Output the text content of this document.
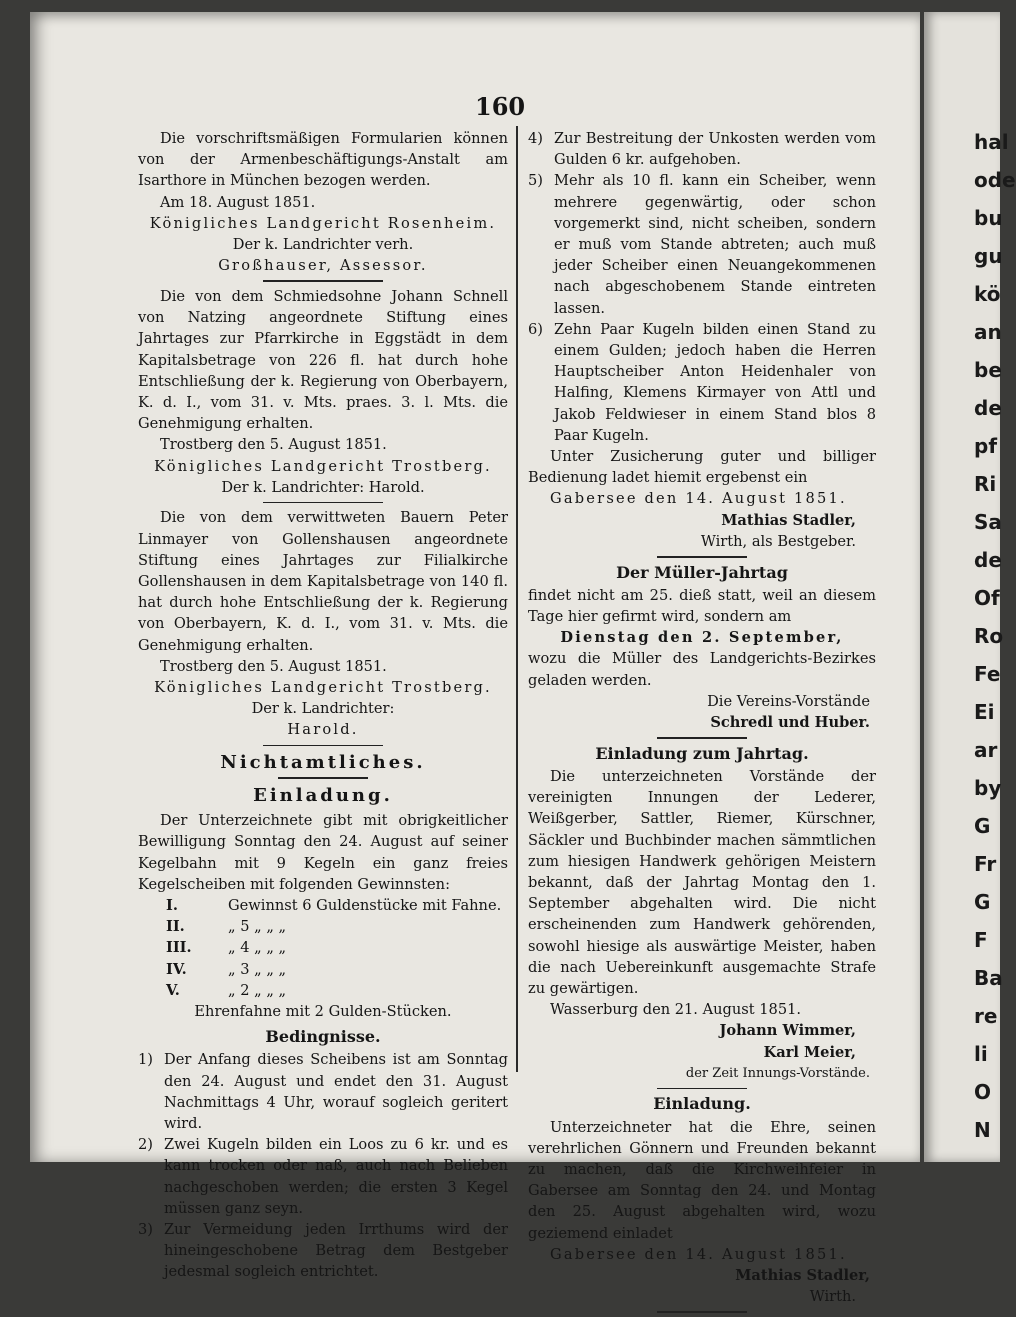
hal
ode
bu
gu
kö
an
be
de
pf
Ri
Sa
de
Of
Ro
Fe
Ei
ar
by
G
Fr
G
F
Ba
re
li
O
N
160

Die vorschriftsmäßigen Formularien können von der Armenbeschäftigungs-Anstalt am Isarthore in München bezogen werden.

Am 18. August 1851.

Königliches Landgericht Rosenheim.

Der k. Landrichter verh.

Großhauser, Assessor.

Die von dem Schmiedsohne Johann Schnell von Natzing angeordnete Stiftung eines Jahrtages zur Pfarrkirche in Eggstädt in dem Kapitalsbetrage von 226 fl. hat durch hohe Entschließung der k. Regierung von Oberbayern, K. d. I., vom 31. v. Mts. praes. 3. l. Mts. die Genehmigung erhalten.

Trostberg den 5. August 1851.

Königliches Landgericht Trostberg.

Der k. Landrichter: Harold.

Die von dem verwittweten Bauern Peter Linmayer von Gollenshausen angeordnete Stiftung eines Jahrtages zur Filialkirche Gollenshausen in dem Kapitalsbetrage von 140 fl. hat durch hohe Entschließung der k. Regierung von Oberbayern, K. d. I., vom 31. v. Mts. die Genehmigung erhalten.

Trostberg den 5. August 1851.

Königliches Landgericht Trostberg.

Der k. Landrichter:

Harold.

Nichtamtliches.
Einladung.

Der Unterzeichnete gibt mit obrigkeitlicher Bewilligung Sonntag den 24. August auf seiner Kegelbahn mit 9 Kegeln ein ganz freies Kegelscheiben mit folgenden Gewinnsten:

I.	Gewinnst 6 Guldenstücke mit Fahne.
II.	„ 5 „ „ „
III.	„ 4 „ „ „
IV.	„ 3 „ „ „
V.	„ 2 „ „ „

Ehrenfahne mit 2 Gulden-Stücken.

Bedingnisse.
1) Der Anfang dieses Scheibens ist am Sonntag den 24. August und endet den 31. August Nachmittags 4 Uhr, worauf sogleich geritert wird.
2) Zwei Kugeln bilden ein Loos zu 6 kr. und es kann trocken oder naß, auch nach Belieben nachgeschoben werden; die ersten 3 Kegel müssen ganz seyn.
3) Zur Vermeidung jeden Irrthums wird der hineingeschobene Betrag dem Bestgeber jedesmal sogleich entrichtet.
4) Zur Bestreitung der Unkosten werden vom Gulden 6 kr. aufgehoben.
5) Mehr als 10 fl. kann ein Scheiber, wenn mehrere gegenwärtig, oder schon vorgemerkt sind, nicht scheiben, sondern er muß vom Stande abtreten; auch muß jeder Scheiber einen Neuangekommenen nach abgeschobenem Stande eintreten lassen.
6) Zehn Paar Kugeln bilden einen Stand zu einem Gulden; jedoch haben die Herren Hauptscheiber Anton Heidenhaler von Halfing, Klemens Kirmayer von Attl und Jakob Feldwieser in einem Stand blos 8 Paar Kugeln.

Unter Zusicherung guter und billiger Bedienung ladet hiemit ergebenst ein

Gabersee den 14. August 1851.

Mathias Stadler,

Wirth, als Bestgeber.

Der Müller-Jahrtag

findet nicht am 25. dieß statt, weil an diesem Tage hier gefirmt wird, sondern am

Dienstag den 2. September,

wozu die Müller des Landgerichts-Bezirkes geladen werden.

Die Vereins-Vorstände

Schredl und Huber.

Einladung zum Jahrtag.

Die unterzeichneten Vorstände der vereinigten Innungen der Lederer, Weißgerber, Sattler, Riemer, Kürschner, Säckler und Buchbinder machen sämmtlichen zum hiesigen Handwerk gehörigen Meistern bekannt, daß der Jahrtag Montag den 1. September abgehalten wird. Die nicht erscheinenden zum Handwerk gehörenden, sowohl hiesige als auswärtige Meister, haben die nach Uebereinkunft ausgemachte Strafe zu gewärtigen.

Wasserburg den 21. August 1851.

Johann Wimmer,

Karl Meier,

der Zeit Innungs-Vorstände.

Einladung.

Unterzeichneter hat die Ehre, seinen verehrlichen Gönnern und Freunden bekannt zu machen, daß die Kirchweihfeier in Gabersee am Sonntag den 24. und Montag den 25. August abgehalten wird, wozu geziemend einladet

Gabersee den 14. August 1851.

Mathias Stadler,

Wirth.
